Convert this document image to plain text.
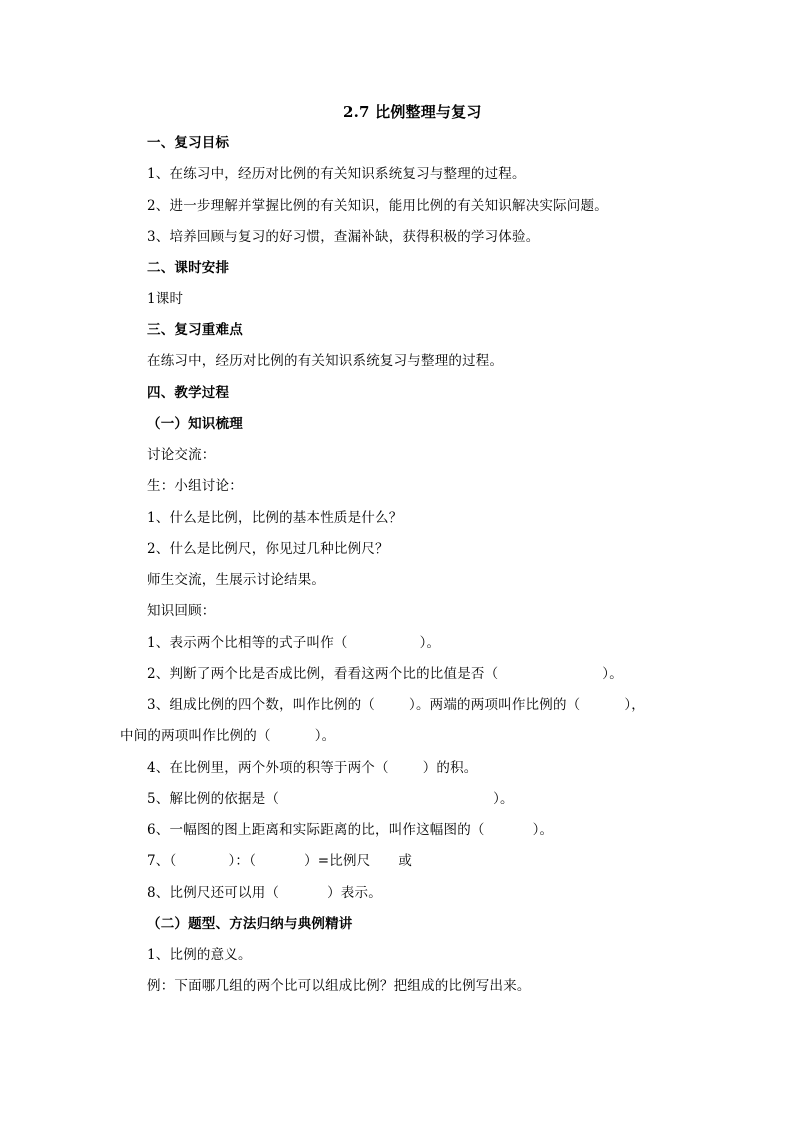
2.7 比例整理与复习
一、复习目标
1、在练习中，经历对比例的有关知识系统复习与整理的过程。
2、进一步理解并掌握比例的有关知识，能用比例的有关知识解决实际问题。
3、培养回顾与复习的好习惯，查漏补缺，获得积极的学习体验。
二、课时安排
1课时
三、复习重难点
在练习中，经历对比例的有关知识系统复习与整理的过程。
四、教学过程
（一）知识梳理
讨论交流：
生：小组讨论：
1、什么是比例，比例的基本性质是什么？
2、什么是比例尺，你见过几种比例尺？
师生交流，生展示讨论结果。
知识回顾：
1、表示两个比相等的式子叫作（	）。
2、判断了两个比是否成比例，看看这两个比的比值是否（	）。
3、组成比例的四个数，叫作比例的（	）。两端的两项叫作比例的（	），
中间的两项叫作比例的（	）。
4、在比例里，两个外项的积等于两个（	）的积。
5、解比例的依据是（	）。
6、一幅图的图上距离和实际距离的比，叫作这幅图的（	）。
7、（	）：（	）=比例尺 或
8、比例尺还可以用（	）表示。
（二）题型、方法归纳与典例精讲
1、比例的意义。
例：下面哪几组的两个比可以组成比例？把组成的比例写出来。
